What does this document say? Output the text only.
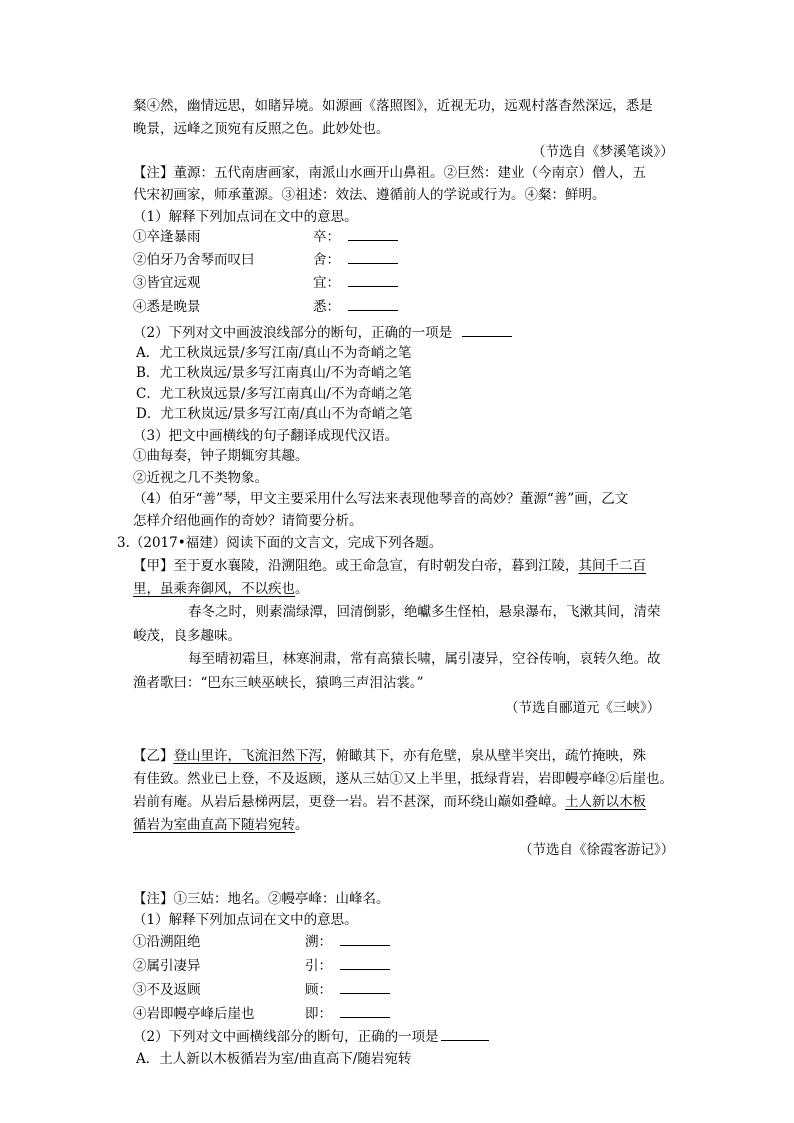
粲④然，幽情远思，如睹异境。如源画《落照图》，近视无功，远观村落杳然深远，悉是
晚景，远峰之顶宛有反照之色。此妙处也。
（节选自《梦溪笔谈》）
【注】董源：五代南唐画家，南派山水画开山鼻祖。②巨然：建业（今南京）僧人，五
代宋初画家，师承董源。③祖述：效法、遵循前人的学说或行为。④粲：鲜明。
（1）解释下列加点词在文中的意思。
①卒逢暴雨	卒：
②伯牙乃舍琴而叹曰	舍：
③皆宜远观	宜：
④悉是晚景	悉：
（2）下列对文中画波浪线部分的断句，正确的一项是
A．尤工秋岚远景/多写江南/真山不为奇峭之笔
B．尤工秋岚远/景多写江南真山/不为奇峭之笔
C．尤工秋岚远景/多写江南真山/不为奇峭之笔
D．尤工秋岚远/景多写江南/真山不为奇峭之笔
（3）把文中画横线的句子翻译成现代汉语。
①曲每奏，钟子期辄穷其趣。
②近视之几不类物象。
（4）伯牙“善”琴，甲文主要采用什么写法来表现他琴音的高妙？董源“善”画，乙文
怎样介绍他画作的奇妙？请简要分析。
3.（2017•福建）阅读下面的文言文，完成下列各题。
【甲】至于夏水襄陵，沿溯阻绝。或王命急宣，有时朝发白帝，暮到江陵，其间千二百
里，虽乘奔御风，不以疾也。
春冬之时，则素湍绿潭，回清倒影，绝巘多生怪柏，悬泉瀑布，飞漱其间，清荣
峻茂，良多趣味。
每至晴初霜旦，林寒涧肃，常有高猿长啸，属引凄异，空谷传响，哀转久绝。故
渔者歌曰：“巴东三峡巫峡长，猿鸣三声泪沾裳。”
（节选自郦道元《三峡》）
【乙】登山里许，飞流汩然下泻，俯瞰其下，亦有危壁，泉从壁半突出，疏竹掩映，殊
有佳致。然业已上登，不及返顾，遂从三姑①又上半里，抵绿背岩，岩即幔亭峰②后崖也。
岩前有庵。从岩后悬梯两层，更登一岩。岩不甚深，而环绕山巅如叠嶂。土人新以木板
循岩为室曲直高下随岩宛转。
（节选自《徐霞客游记》）
【注】①三姑：地名。②幔亭峰：山峰名。
（1）解释下列加点词在文中的意思。
①沿溯阻绝	溯：
②属引凄异	引：
③不及返顾	顾：
④岩即幔亭峰后崖也	即：
（2）下列对文中画横线部分的断句，正确的一项是
A．土人新以木板循岩为室/曲直高下/随岩宛转
